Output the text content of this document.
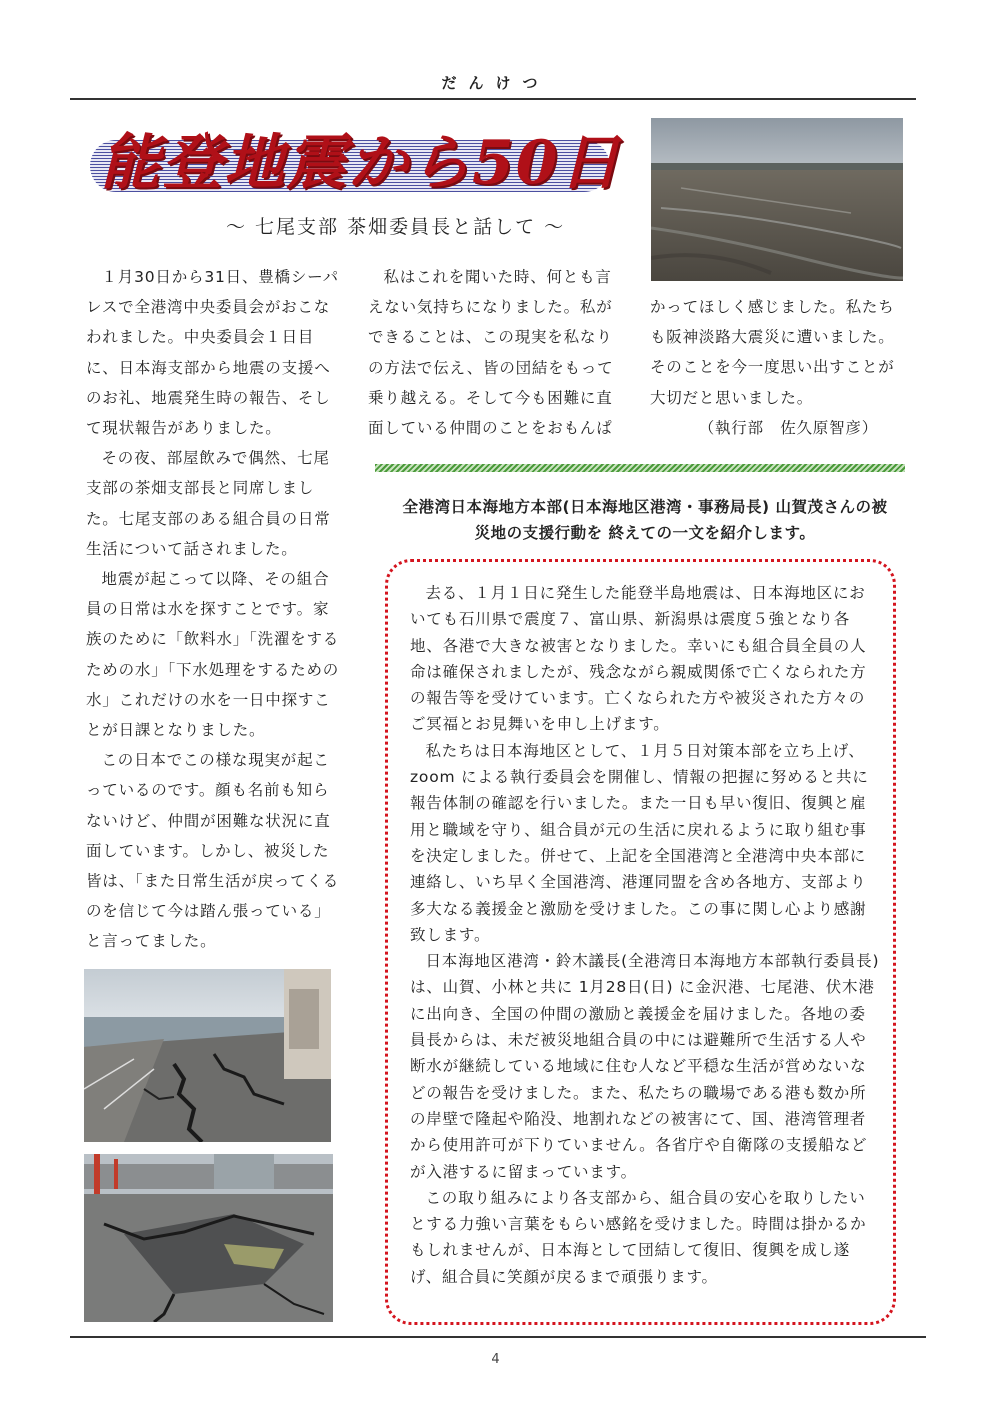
だんけつ
能登地震から50日
～ 七尾支部 茶畑委員長と話して ～

１月30日から31日、豊橋シーパレスで全港湾中央委員会がおこなわれました。中央委員会１日目に、日本海支部から地震の支援へのお礼、地震発生時の報告、そして現状報告がありました。

その夜、部屋飲みで偶然、七尾支部の茶畑支部長と同席しました。七尾支部のある組合員の日常生活について話されました。

地震が起こって以降、その組合員の日常は水を探すことです。家族のために「飲料水」「洗濯をするための水」「下水処理をするための水」これだけの水を一日中探すことが日課となりました。

この日本でこの様な現実が起こっているのです。顔も名前も知らないけど、仲間が困難な状況に直面しています。しかし、被災した皆は、「また日常生活が戻ってくるのを信じて今は踏ん張っている」と言ってました。

私はこれを聞いた時、何とも言えない気持ちになりました。私ができることは、この現実を私なりの方法で伝え、皆の団結をもって乗り越える。そして今も困難に直面している仲間のことをおもんぱ

かってほしく感じました。私たちも阪神淡路大震災に遭いました。そのことを今一度思い出すことが大切だと思いました。

（執行部　佐久原智彦）

全港湾日本海地方本部(日本海地区港湾・事務局長) 山賀茂さんの被災地の支援行動を 終えての一文を紹介します。

去る、１月１日に発生した能登半島地震は、日本海地区においても石川県で震度７、富山県、新潟県は震度５強となり各地、各港で大きな被害となりました。幸いにも組合員全員の人命は確保されましたが、残念ながら親威関係で亡くなられた方の報告等を受けています。亡くなられた方や被災された方々のご冥福とお見舞いを申し上げます。

私たちは日本海地区として、１月５日対策本部を立ち上げ、zoom による執行委員会を開催し、情報の把握に努めると共に報告体制の確認を行いました。また一日も早い復旧、復興と雇用と職域を守り、組合員が元の生活に戻れるように取り組む事を決定しました。併せて、上記を全国港湾と全港湾中央本部に連絡し、いち早く全国港湾、港運同盟を含め各地方、支部より多大なる義援金と激励を受けました。この事に関し心より感謝致します。

日本海地区港湾・鈴木議長(全港湾日本海地方本部執行委員長)は、山賀、小林と共に 1月28日(日) に金沢港、七尾港、伏木港に出向き、全国の仲間の激励と義援金を届けました。各地の委員長からは、未だ被災地組合員の中には避難所で生活する人や断水が継続している地域に住む人など平穏な生活が営めないなどの報告を受けました。また、私たちの職場である港も数か所の岸壁で隆起や陥没、地割れなどの被害にて、国、港湾管理者 から使用許可が下りていません。各省庁や自衛隊の支援船などが入港するに留まっています。

この取り組みにより各支部から、組合員の安心を取りしたいとする力強い言葉をもらい感銘を受けました。時間は掛かるかもしれませんが、日本海として団結して復旧、復興を成し遂げ、組合員に笑顔が戻るまで頑張ります。

4
